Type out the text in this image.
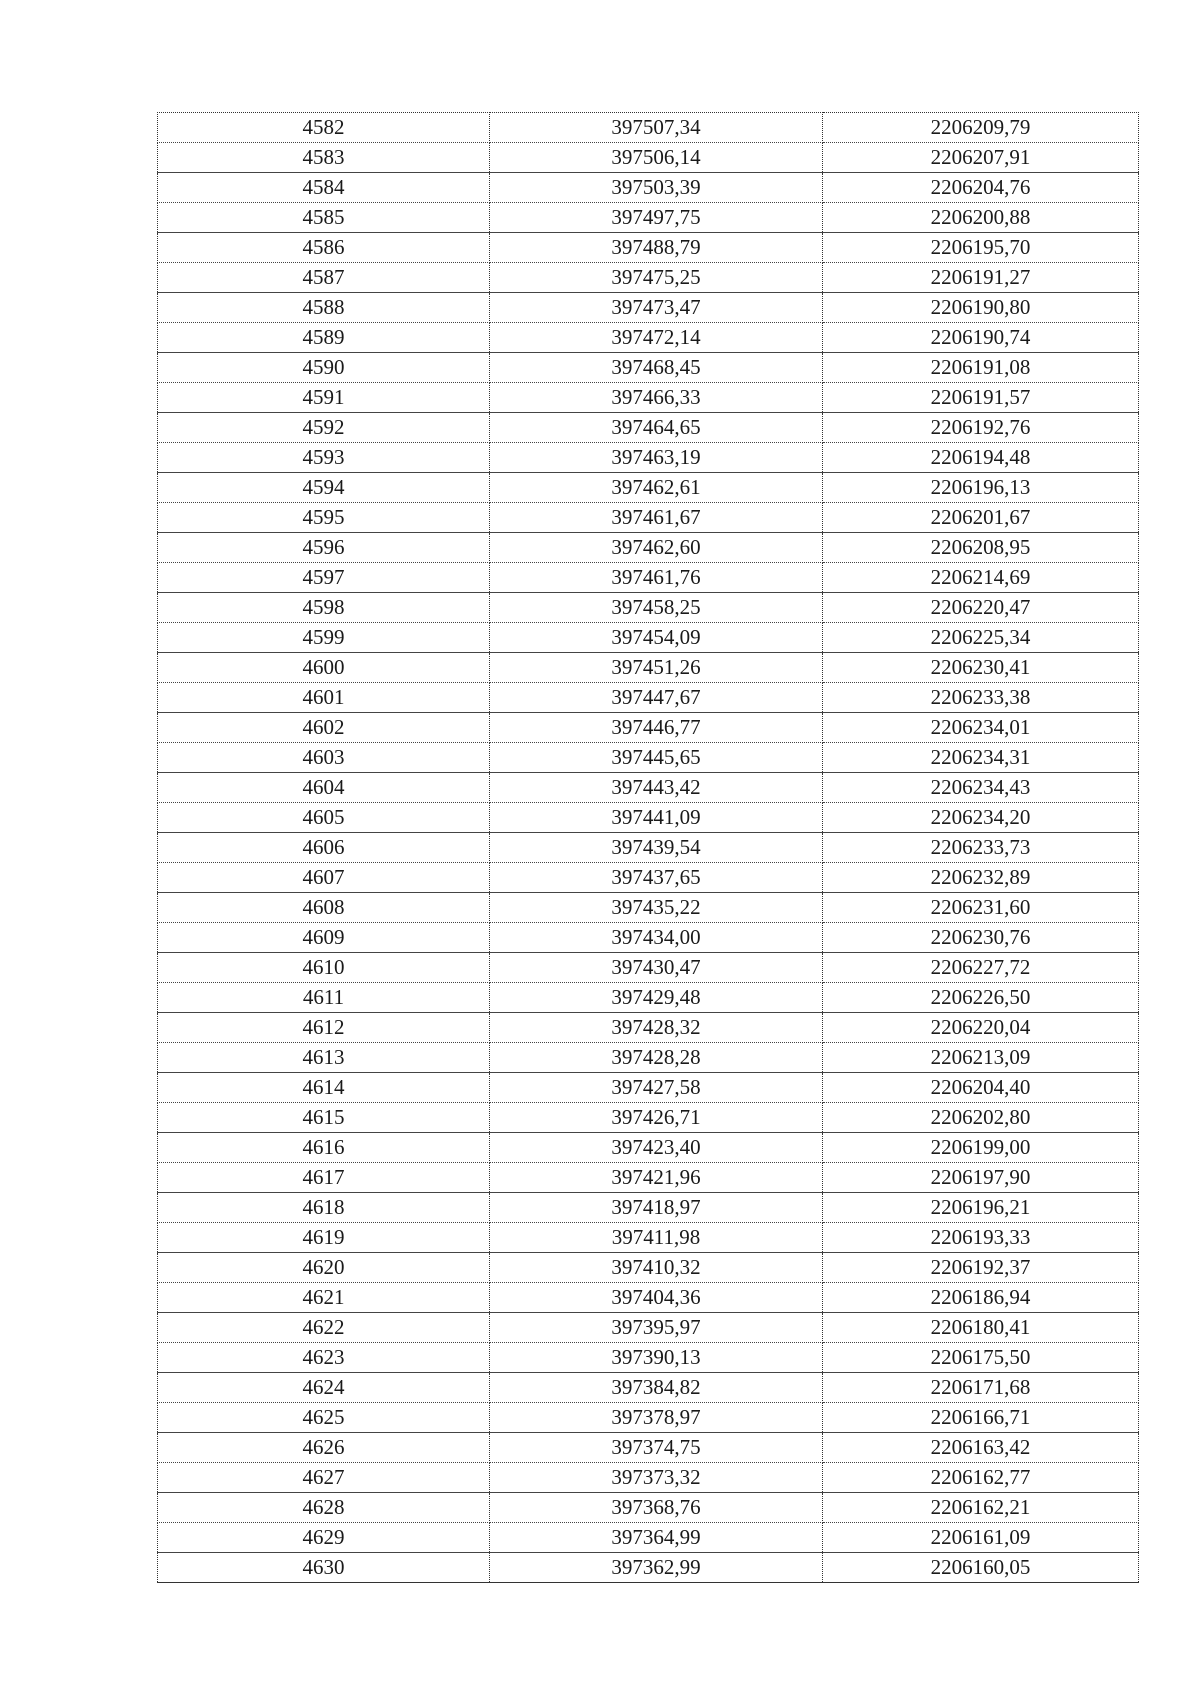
4582	397507,34	2206209,79
4583	397506,14	2206207,91
4584	397503,39	2206204,76
4585	397497,75	2206200,88
4586	397488,79	2206195,70
4587	397475,25	2206191,27
4588	397473,47	2206190,80
4589	397472,14	2206190,74
4590	397468,45	2206191,08
4591	397466,33	2206191,57
4592	397464,65	2206192,76
4593	397463,19	2206194,48
4594	397462,61	2206196,13
4595	397461,67	2206201,67
4596	397462,60	2206208,95
4597	397461,76	2206214,69
4598	397458,25	2206220,47
4599	397454,09	2206225,34
4600	397451,26	2206230,41
4601	397447,67	2206233,38
4602	397446,77	2206234,01
4603	397445,65	2206234,31
4604	397443,42	2206234,43
4605	397441,09	2206234,20
4606	397439,54	2206233,73
4607	397437,65	2206232,89
4608	397435,22	2206231,60
4609	397434,00	2206230,76
4610	397430,47	2206227,72
4611	397429,48	2206226,50
4612	397428,32	2206220,04
4613	397428,28	2206213,09
4614	397427,58	2206204,40
4615	397426,71	2206202,80
4616	397423,40	2206199,00
4617	397421,96	2206197,90
4618	397418,97	2206196,21
4619	397411,98	2206193,33
4620	397410,32	2206192,37
4621	397404,36	2206186,94
4622	397395,97	2206180,41
4623	397390,13	2206175,50
4624	397384,82	2206171,68
4625	397378,97	2206166,71
4626	397374,75	2206163,42
4627	397373,32	2206162,77
4628	397368,76	2206162,21
4629	397364,99	2206161,09
4630	397362,99	2206160,05
